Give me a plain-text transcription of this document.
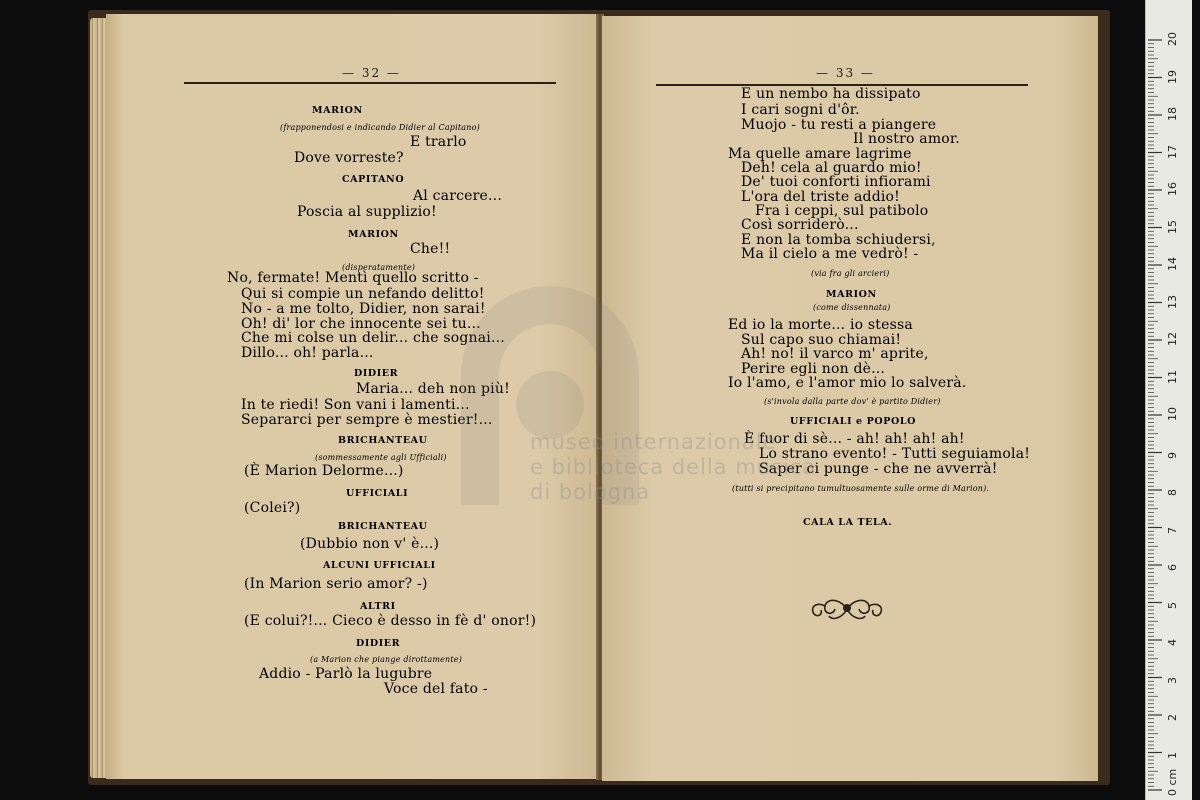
— 32 —	— 33 —
MARION
(frapponendosi e indicando Didier al Capitano)
E trarlo
Dove vorreste?
CAPITANO
Al carcere...
Poscia al supplizio!
MARION
Che!!
(disperatamente)
No, fermate! Mentì quello scritto -
Qui si compie un nefando delitto!
No - a me tolto, Didier, non sarai!
Oh! di' lor che innocente sei tu...
Che mi colse un delir... che sognai...
Dillo... oh! parla...
DIDIER
Maria... deh non più!
In te riedi! Son vani i lamenti...
Separarci per sempre è mestier!...
BRICHANTEAU
(sommessamente agli Ufficiali)
(È Marion Delorme...)
UFFICIALI
(Colei?)
BRICHANTEAU
(Dubbio non v' è...)
ALCUNI UFFICIALI
(In Marion serio amor? -)
ALTRI
(E colui?!... Cieco è desso in fè d' onor!)
DIDIER
(a Marion che piange dirottamente)
Addio - Parlò la lugubre
Voce del fato -
E un nembo ha dissipato
I cari sogni d'ôr.
Muojo - tu resti a piangere
Il nostro amor.
Ma quelle amare lagrime
Deh! cela al guardo mio!
De' tuoi conforti infiorami
L'ora del triste addio!
Fra i ceppi, sul patibolo
Così sorriderò...
E non la tomba schiudersi,
Ma il cielo a me vedrò! -
(via fra gli arcieri)
MARION
(come dissennata)
Ed io la morte... io stessa
Sul capo suo chiamai!
Ah! no! il varco m' aprite,
Perire egli non dè...
Io l'amo, e l'amor mio lo salverà.
(s'invola dalla parte dov' è partito Didier)
UFFICIALI e POPOLO
È fuor di sè... - ah! ah! ah! ah!
Lo strano evento! - Tutti seguiamola!
Saper ci punge - che ne avverrà!
(tutti si precipitano tumultuosamente sulle orme di Marion).
CALA LA TELA.
museo internazionale
e biblioteca della musica
di bologna
0 cm
1
2
3
4
5
6
7
8
9
10
11
12
13
14
15
16
17
18
19
20
